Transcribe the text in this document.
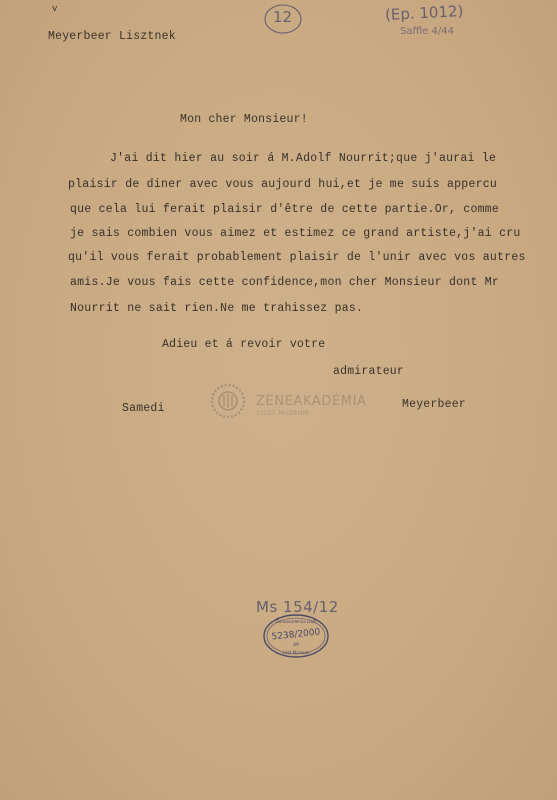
v
Meyerbeer Lisztnek
12	(Ep. 1012)
Saffle 4/44
Mon cher Monsieur!
J'ai dit hier au soir á M.Adolf Nourrit;que j'aurai le
plaisir de diner avec vous aujourd hui,et je me suis appercu
que cela lui ferait plaisir d'être de cette partie.Or, comme
je sais combien vous aimez et estimez ce grand artiste,j'ai cru
qu'il vous ferait probablement plaisir de l'unir avec vos autres
amis.Je vous fais cette confidence,mon cher Monsieur dont Mr
Nourrit ne sait rien.Ne me trahissez pas.
Adieu et á revoir votre
admirateur
ZENEAKADÉMIA
LISZT MÚZEUM
Samedi	Meyerbeer
Ms 154/12
Zeneakadémia Liszt
5238/2000
49
Liszt Múzeum
